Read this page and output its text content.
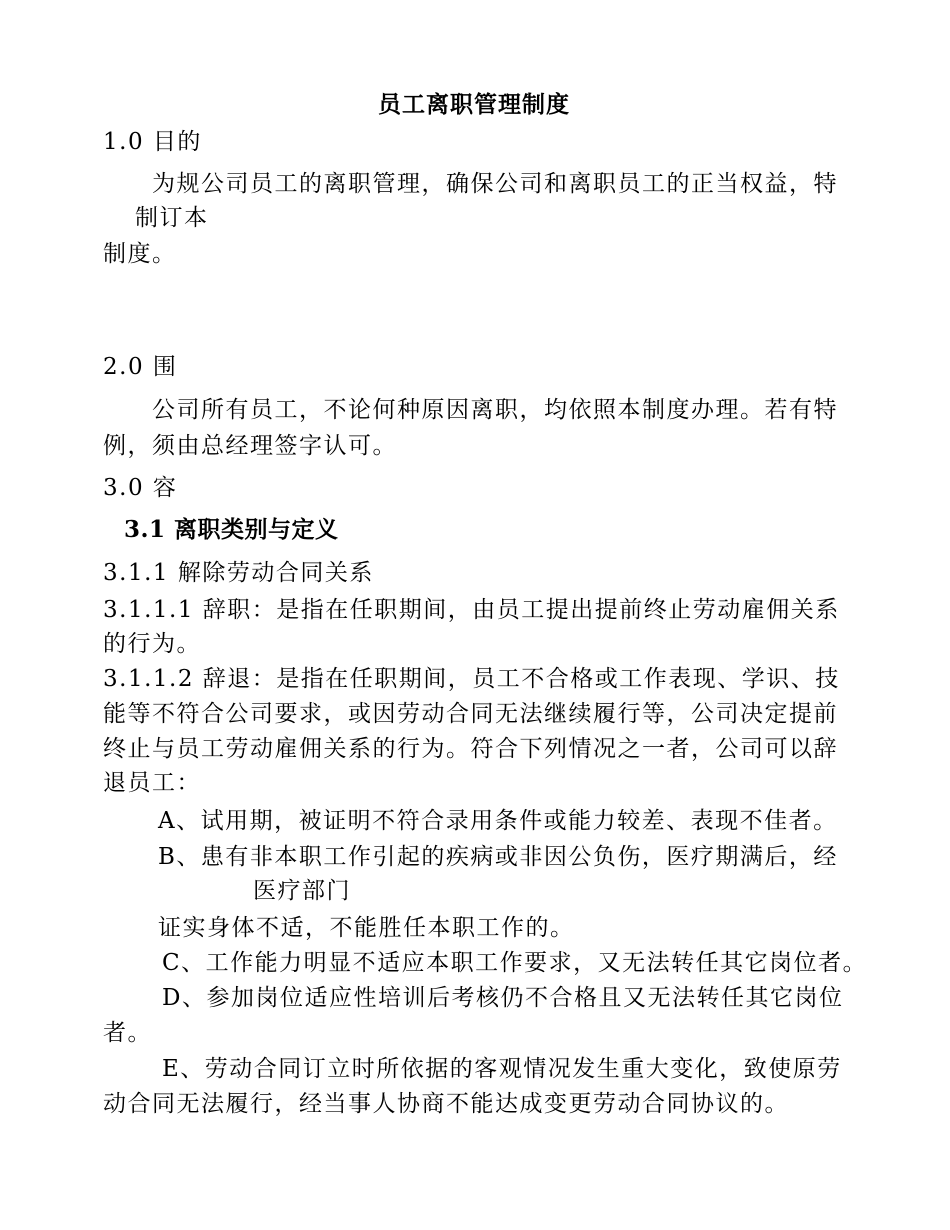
员工离职管理制度
1.0 目的
为规公司员工的离职管理，确保公司和离职员工的正当权益，特
制订本
制度。
2.0 围
公司所有员工，不论何种原因离职，均依照本制度办理。若有特
例，须由总经理签字认可。
3.0 容
3.1 离职类别与定义
3.1.1 解除劳动合同关系
3.1.1.1 辞职：是指在任职期间，由员工提出提前终止劳动雇佣关系
的行为。
3.1.1.2 辞退：是指在任职期间，员工不合格或工作表现、学识、技
能等不符合公司要求，或因劳动合同无法继续履行等，公司决定提前
终止与员工劳动雇佣关系的行为。符合下列情况之一者，公司可以辞
退员工：
A、试用期，被证明不符合录用条件或能力较差、表现不佳者。
B、患有非本职工作引起的疾病或非因公负伤，医疗期满后，经
医疗部门
证实身体不适，不能胜任本职工作的。
C、工作能力明显不适应本职工作要求，又无法转任其它岗位者。
D、参加岗位适应性培训后考核仍不合格且又无法转任其它岗位
者。
E、劳动合同订立时所依据的客观情况发生重大变化，致使原劳
动合同无法履行，经当事人协商不能达成变更劳动合同协议的。
